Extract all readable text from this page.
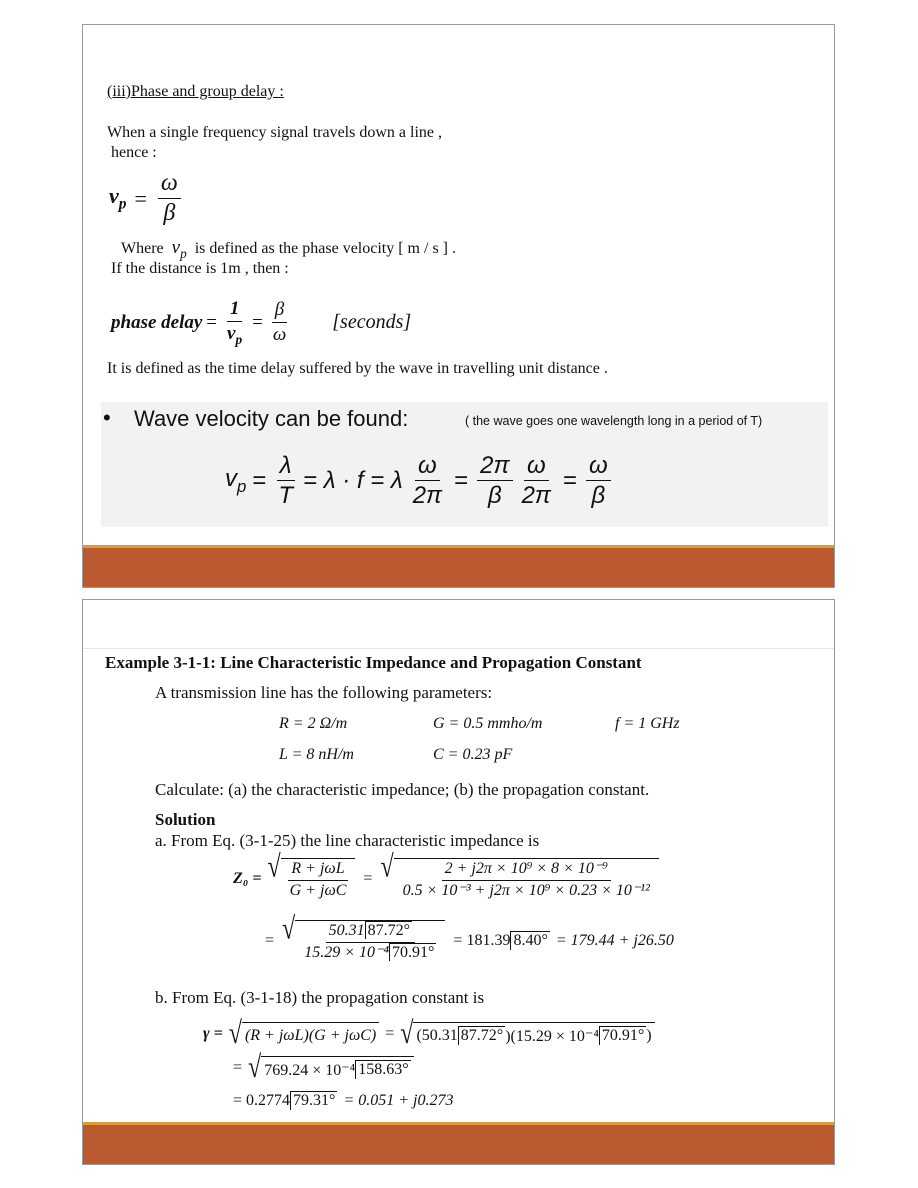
(iii)Phase and group delay :
When a single frequency signal travels down a line ,
hence :
$v_p = \frac{\omega}{\beta}$
Where $v_p$ is defined as the phase velocity [ m / s ] .
If the distance is 1m , then :
phase delay = $\frac{1}{v_p} = \frac{\beta}{\omega}$ [seconds]
It is defined as the time delay suffered by the wave in travelling unit distance .
• Wave velocity can be found:	( the wave goes one wavelength long in a period of T)
$v_p = \frac{\lambda}{T} = \lambda \cdot f = \lambda \frac{\omega}{2\pi} = \frac{2\pi}{\beta} \frac{\omega}{2\pi} = \frac{\omega}{\beta}$
Example 3-1-1: Line Characteristic Impedance and Propagation Constant
A transmission line has the following parameters:
R = 2 Ω/m	G = 0.5 mmho/m	f = 1 GHz
L = 8 nH/m	C = 0.23 pF
Calculate: (a) the characteristic impedance; (b) the propagation constant.
Solution
a. From Eq. (3-1-25) the line characteristic impedance is
Z₀ = √ $\frac{\text{R + jωL}}{\text{G + jωC}}$ = √ $\frac{\text{2 + j2π × 10⁹ × 8 × 10⁻⁹}}{\text{0.5 × 10⁻³ + j2π × 10⁹ × 0.23 × 10⁻¹²}}$
= √ $\frac{50.31 87.72^\circ}{\text{15.29 × 10⁻⁴ 70.91°}} = 181.39$ 8.40° = 179.44 + j26.50
b. From Eq. (3-1-18) the propagation constant is
γ = √ (R + jωL)(G + jωC) = √ (50.31 87.72° )(15.29 × 10⁻⁴ 70.91° )
= √ 769.24 × 10⁻⁴ 158.63°
= 0.2774 79.31° = 0.051 + j0.273
